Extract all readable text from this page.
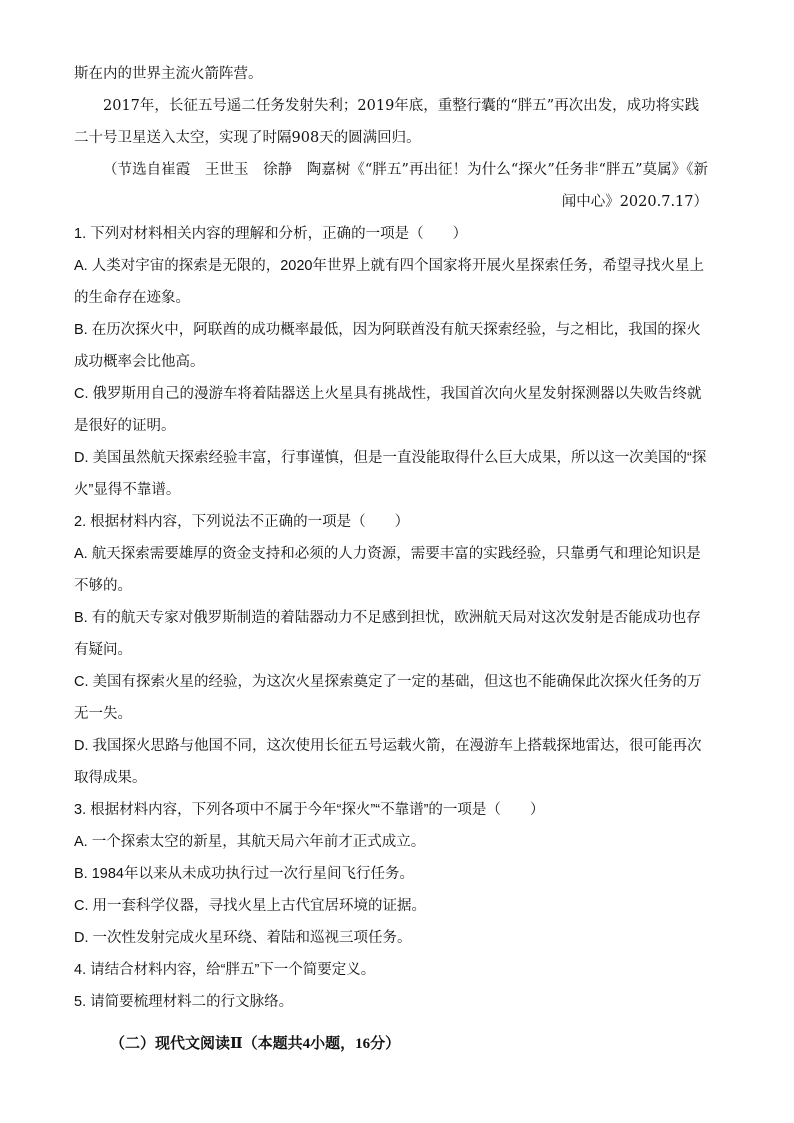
斯在内的世界主流火箭阵营。

2017年，长征五号遥二任务发射失利；2019年底，重整行囊的“胖五”再次出发，成功将实践二十号卫星送入太空，实现了时隔908天的圆满回归。

（节选自崔霞　王世玉　徐静　陶嘉树《“胖五”再出征！为什么“探火”任务非“胖五”莫属》《新闻中心》2020.7.17）

1. 下列对材料相关内容的理解和分析，正确的一项是（　　）

A. 人类对宇宙的探索是无限的，2020年世界上就有四个国家将开展火星探索任务，希望寻找火星上的生命存在迹象。

B. 在历次探火中，阿联酋的成功概率最低，因为阿联酋没有航天探索经验，与之相比，我国的探火成功概率会比他高。

C. 俄罗斯用自己的漫游车将着陆器送上火星具有挑战性，我国首次向火星发射探测器以失败告终就是很好的证明。

D. 美国虽然航天探索经验丰富，行事谨慎，但是一直没能取得什么巨大成果，所以这一次美国的“探火”显得不靠谱。

2. 根据材料内容，下列说法不正确的一项是（　　）

A. 航天探索需要雄厚的资金支持和必须的人力资源，需要丰富的实践经验，只靠勇气和理论知识是不够的。

B. 有的航天专家对俄罗斯制造的着陆器动力不足感到担忧，欧洲航天局对这次发射是否能成功也存有疑问。

C. 美国有探索火星的经验，为这次火星探索奠定了一定的基础，但这也不能确保此次探火任务的万无一失。

D. 我国探火思路与他国不同，这次使用长征五号运载火箭，在漫游车上搭载探地雷达，很可能再次取得成果。

3. 根据材料内容，下列各项中不属于今年“探火”“不靠谱”的一项是（　　）

A. 一个探索太空的新星，其航天局六年前才正式成立。

B. 1984年以来从未成功执行过一次行星间飞行任务。

C. 用一套科学仪器，寻找火星上古代宜居环境的证据。

D. 一次性发射完成火星环绕、着陆和巡视三项任务。

4. 请结合材料内容，给“胖五”下一个简要定义。

5. 请简要梳理材料二的行文脉络。

（二）现代文阅读Ⅱ（本题共4小题，16分）
